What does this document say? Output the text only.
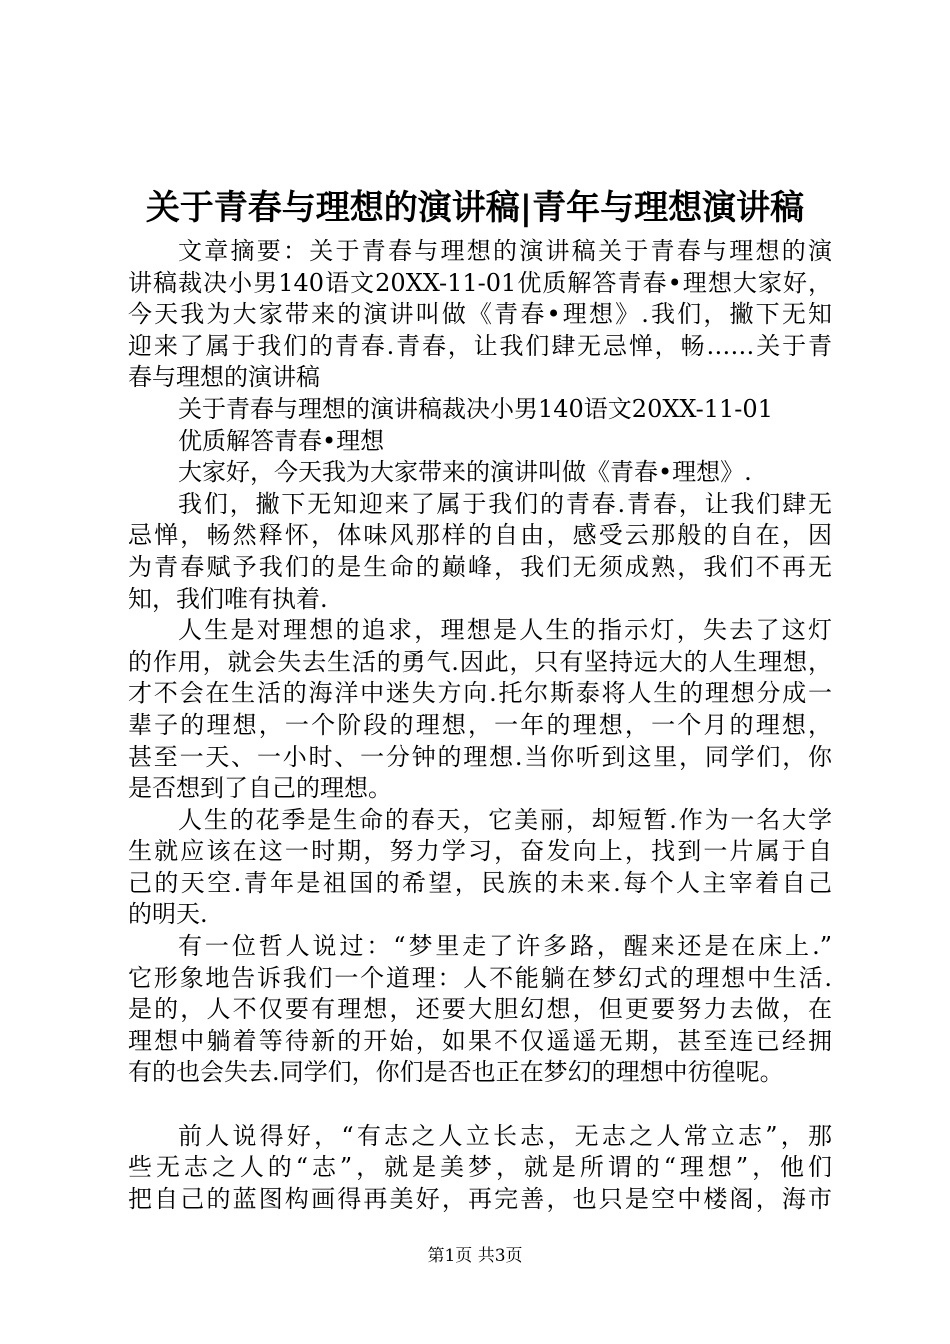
关于青春与理想的演讲稿|青年与理想演讲稿
文章摘要：关于青春与理想的演讲稿关于青春与理想的演
讲稿裁决小男140语文20XX-11-01优质解答青春•理想大家好，
今天我为大家带来的演讲叫做《青春•理想》.我们，撇下无知
迎来了属于我们的青春.青春，让我们肆无忌惮，畅……关于青
春与理想的演讲稿
关于青春与理想的演讲稿裁决小男140语文20XX-11-01
优质解答青春•理想
大家好，今天我为大家带来的演讲叫做《青春•理想》.
我们，撇下无知迎来了属于我们的青春.青春，让我们肆无
忌惮，畅然释怀，体味风那样的自由，感受云那般的自在，因
为青春赋予我们的是生命的巅峰，我们无须成熟，我们不再无
知，我们唯有执着.
人生是对理想的追求，理想是人生的指示灯，失去了这灯
的作用，就会失去生活的勇气.因此，只有坚持远大的人生理想，
才不会在生活的海洋中迷失方向.托尔斯泰将人生的理想分成一
辈子的理想，一个阶段的理想，一年的理想，一个月的理想，
甚至一天、一小时、一分钟的理想.当你听到这里，同学们，你
是否想到了自己的理想。
人生的花季是生命的春天，它美丽，却短暂.作为一名大学
生就应该在这一时期，努力学习，奋发向上，找到一片属于自
己的天空.青年是祖国的希望，民族的未来.每个人主宰着自己
的明天.
有一位哲人说过：“梦里走了许多路，醒来还是在床上.”
它形象地告诉我们一个道理：人不能躺在梦幻式的理想中生活.
是的，人不仅要有理想，还要大胆幻想，但更要努力去做，在
理想中躺着等待新的开始，如果不仅遥遥无期，甚至连已经拥
有的也会失去.同学们，你们是否也正在梦幻的理想中彷徨呢。
前人说得好，“有志之人立长志，无志之人常立志”，那
些无志之人的“志”，就是美梦，就是所谓的“理想”，他们
把自己的蓝图构画得再美好，再完善，也只是空中楼阁，海市
第1页 共3页
